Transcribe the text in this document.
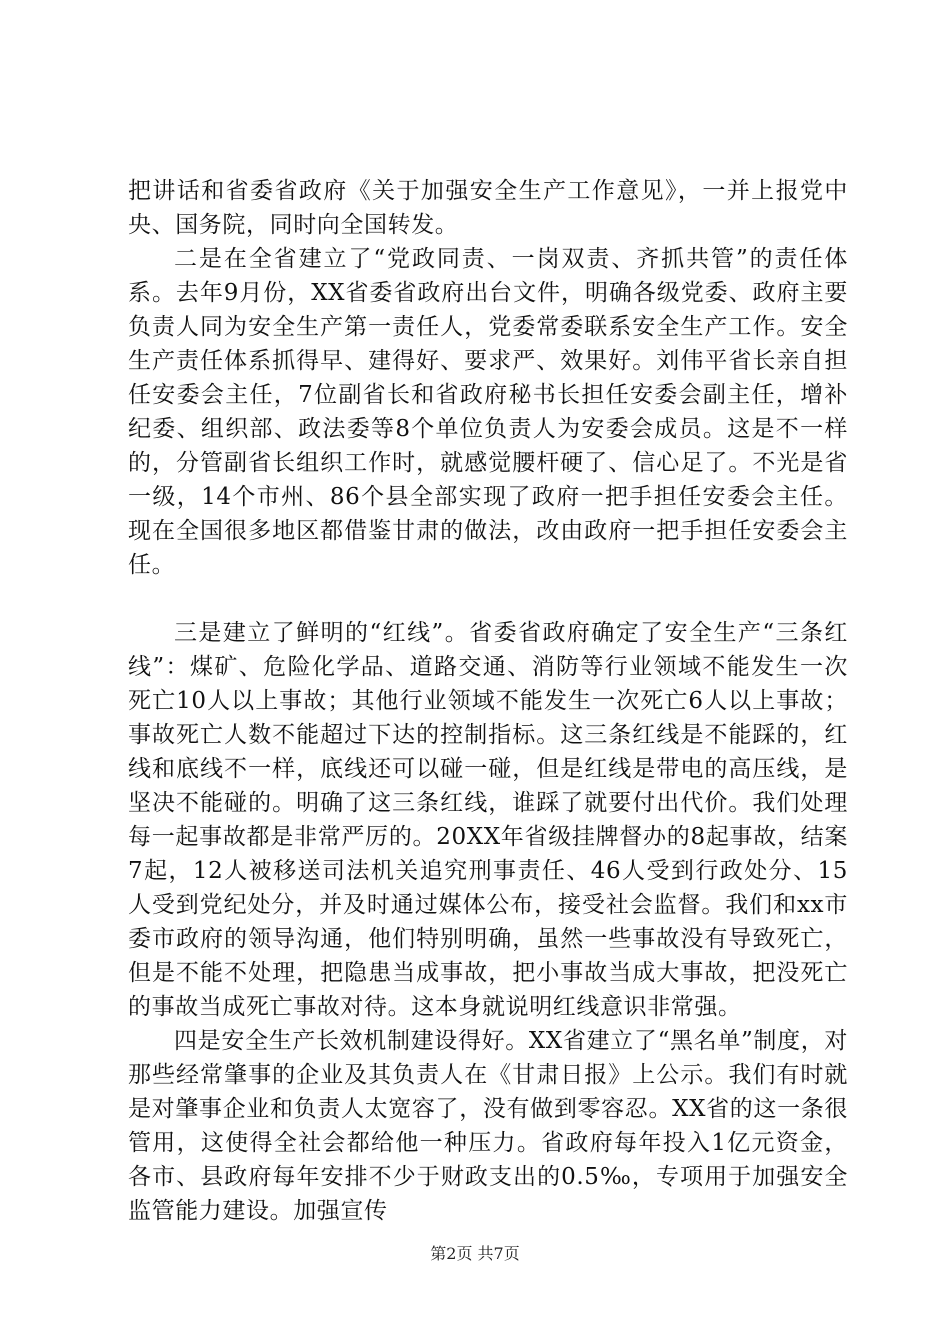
把讲话和省委省政府《关于加强安全生产工作意见》，一并上报党中央、国务院，同时向全国转发。

二是在全省建立了“党政同责、一岗双责、齐抓共管”的责任体系。去年9月份，XX省委省政府出台文件，明确各级党委、政府主要负责人同为安全生产第一责任人，党委常委联系安全生产工作。安全生产责任体系抓得早、建得好、要求严、效果好。刘伟平省长亲自担任安委会主任，7位副省长和省政府秘书长担任安委会副主任，增补纪委、组织部、政法委等8个单位负责人为安委会成员。这是不一样的，分管副省长组织工作时，就感觉腰杆硬了、信心足了。不光是省一级，14个市州、86个县全部实现了政府一把手担任安委会主任。现在全国很多地区都借鉴甘肃的做法，改由政府一把手担任安委会主任。

三是建立了鲜明的“红线”。省委省政府确定了安全生产“三条红线”：煤矿、危险化学品、道路交通、消防等行业领域不能发生一次死亡10人以上事故；其他行业领域不能发生一次死亡6人以上事故；事故死亡人数不能超过下达的控制指标。这三条红线是不能踩的，红线和底线不一样，底线还可以碰一碰，但是红线是带电的高压线，是坚决不能碰的。明确了这三条红线，谁踩了就要付出代价。我们处理每一起事故都是非常严厉的。20XX年省级挂牌督办的8起事故，结案7起，12人被移送司法机关追究刑事责任、46人受到行政处分、15人受到党纪处分，并及时通过媒体公布，接受社会监督。我们和xx市委市政府的领导沟通，他们特别明确，虽然一些事故没有导致死亡，但是不能不处理，把隐患当成事故，把小事故当成大事故，把没死亡的事故当成死亡事故对待。这本身就说明红线意识非常强。

四是安全生产长效机制建设得好。XX省建立了“黑名单”制度，对那些经常肇事的企业及其负责人在《甘肃日报》上公示。我们有时就是对肇事企业和负责人太宽容了，没有做到零容忍。XX省的这一条很管用，这使得全社会都给他一种压力。省政府每年投入1亿元资金，各市、县政府每年安排不少于财政支出的0.5‰，专项用于加强安全监管能力建设。加强宣传

第2页 共7页
